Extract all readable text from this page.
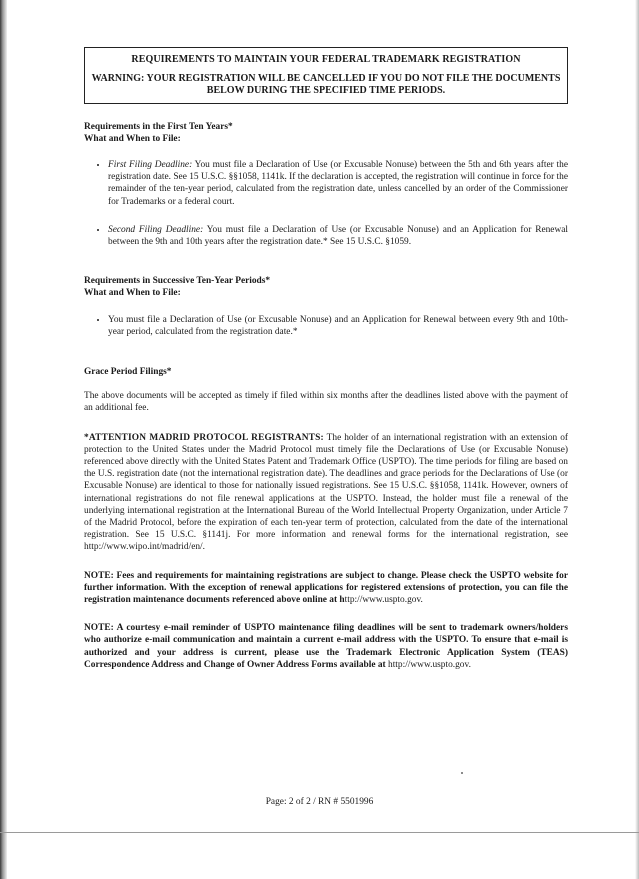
REQUIREMENTS TO MAINTAIN YOUR FEDERAL TRADEMARK REGISTRATION

WARNING: YOUR REGISTRATION WILL BE CANCELLED IF YOU DO NOT FILE THE DOCUMENTS BELOW DURING THE SPECIFIED TIME PERIODS.

Requirements in the First Ten Years*

What and When to File:

• First Filing Deadline: You must file a Declaration of Use (or Excusable Nonuse) between the 5th and 6th years after the registration date. See 15 U.S.C. §§1058, 1141k. If the declaration is accepted, the registration will continue in force for the remainder of the ten-year period, calculated from the registration date, unless cancelled by an order of the Commissioner for Trademarks or a federal court.
• Second Filing Deadline: You must file a Declaration of Use (or Excusable Nonuse) and an Application for Renewal between the 9th and 10th years after the registration date.* See 15 U.S.C. §1059.

Requirements in Successive Ten-Year Periods*

What and When to File:

• You must file a Declaration of Use (or Excusable Nonuse) and an Application for Renewal between every 9th and 10th-year period, calculated from the registration date.*

Grace Period Filings*

The above documents will be accepted as timely if filed within six months after the deadlines listed above with the payment of an additional fee.

*ATTENTION MADRID PROTOCOL REGISTRANTS: The holder of an international registration with an extension of protection to the United States under the Madrid Protocol must timely file the Declarations of Use (or Excusable Nonuse) referenced above directly with the United States Patent and Trademark Office (USPTO). The time periods for filing are based on the U.S. registration date (not the international registration date). The deadlines and grace periods for the Declarations of Use (or Excusable Nonuse) are identical to those for nationally issued registrations. See 15 U.S.C. §§1058, 1141k. However, owners of international registrations do not file renewal applications at the USPTO. Instead, the holder must file a renewal of the underlying international registration at the International Bureau of the World Intellectual Property Organization, under Article 7 of the Madrid Protocol, before the expiration of each ten-year term of protection, calculated from the date of the international registration. See 15 U.S.C. §1141j. For more information and renewal forms for the international registration, see http://www.wipo.int/madrid/en/.

NOTE: Fees and requirements for maintaining registrations are subject to change. Please check the USPTO website for further information. With the exception of renewal applications for registered extensions of protection, you can file the registration maintenance documents referenced above online at http://www.uspto.gov.

NOTE: A courtesy e-mail reminder of USPTO maintenance filing deadlines will be sent to trademark owners/holders who authorize e-mail communication and maintain a current e-mail address with the USPTO. To ensure that e-mail is authorized and your address is current, please use the Trademark Electronic Application System (TEAS) Correspondence Address and Change of Owner Address Forms available at http://www.uspto.gov.

Page: 2 of 2 / RN # 5501996
